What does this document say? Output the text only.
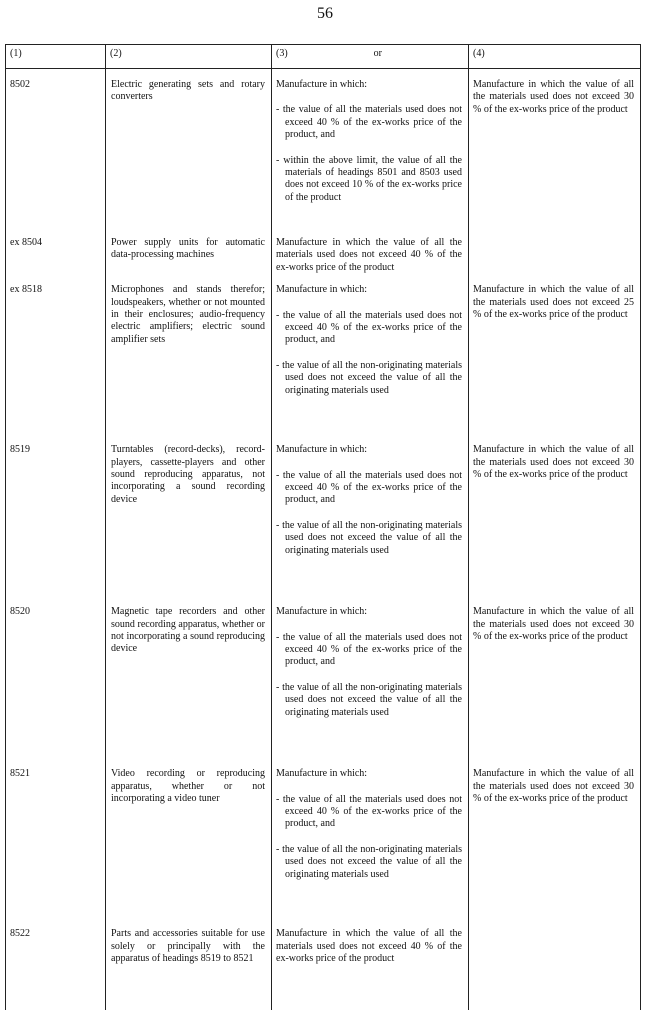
56
(1)	(2)	(3) or	(4)

8502	Electric generating sets and rotary converters	Manufacture in which:
- the value of all the materials used does not exceed 40 % of the ex-works price of the product, and
- within the above limit, the value of all the materials of headings 8501 and 8503 used does not exceed 10 % of the ex-works price of the product	Manufacture in which the value of all the materials used does not exceed 30 % of the ex-works price of the product

ex 8504	Power supply units for automatic data-processing machines	Manufacture in which the value of all the materials used does not exceed 40 % of the ex-works price of the product	

ex 8518	Microphones and stands therefor; loudspeakers, whether or not mounted in their enclosures; audio-frequency electric amplifiers; electric sound amplifier sets	Manufacture in which:
- the value of all the materials used does not exceed 40 % of the ex-works price of the product, and
- the value of all the non-originating materials used does not exceed the value of all the originating materials used	Manufacture in which the value of all the materials used does not exceed 25 % of the ex-works price of the product

8519	Turntables (record-decks), record-players, cassette-players and other sound reproducing apparatus, not incorporating a sound recording device	Manufacture in which:
- the value of all the materials used does not exceed 40 % of the ex-works price of the product, and
- the value of all the non-originating materials used does not exceed the value of all the originating materials used	Manufacture in which the value of all the materials used does not exceed 30 % of the ex-works price of the product

8520	Magnetic tape recorders and other sound recording apparatus, whether or not incorporating a sound reproducing device	Manufacture in which:
- the value of all the materials used does not exceed 40 % of the ex-works price of the product, and
- the value of all the non-originating materials used does not exceed the value of all the originating materials used	Manufacture in which the value of all the materials used does not exceed 30 % of the ex-works price of the product

8521	Video recording or reproducing apparatus, whether or not incorporating a video tuner	Manufacture in which:
- the value of all the materials used does not exceed 40 % of the ex-works price of the product, and
- the value of all the non-originating materials used does not exceed the value of all the originating materials used	Manufacture in which the value of all the materials used does not exceed 30 % of the ex-works price of the product

8522	Parts and accessories suitable for use solely or principally with the apparatus of headings 8519 to 8521	Manufacture in which the value of all the materials used does not exceed 40 % of the ex-works price of the product	
